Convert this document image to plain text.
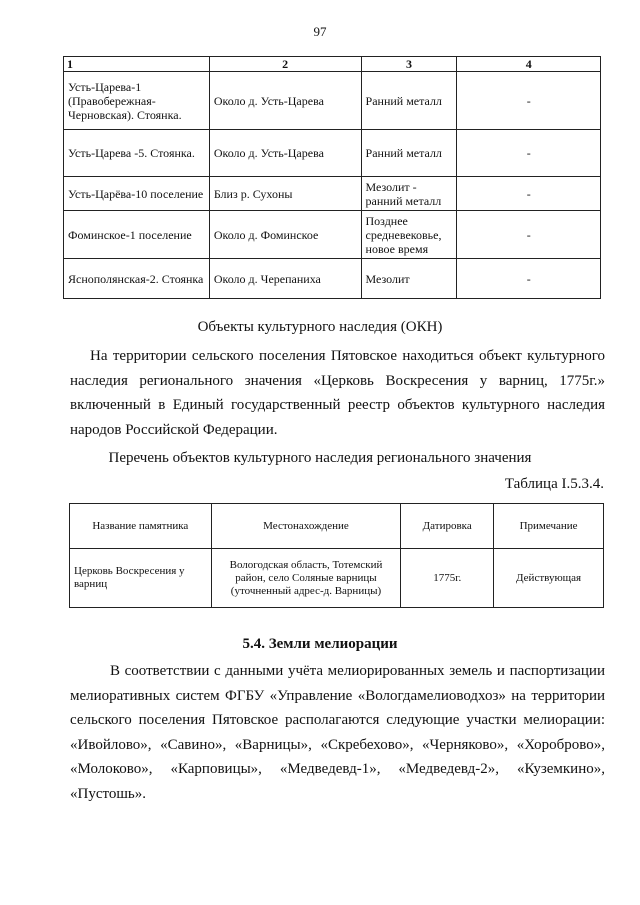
97
1	2	3	4
Усть-Царева-1 (Правобережная-Черновская). Стоянка.	Около д. Усть-Царева	Ранний металл	-
Усть-Царева -5. Стоянка.	Около д. Усть-Царева	Ранний металл	-
Усть-Царёва-10 поселение	Близ р. Сухоны	Мезолит - ранний металл	-
Фоминское-1 поселение	Около д. Фоминское	Позднее средневековье, новое время	-
Яснополянская-2. Стоянка	Около д. Черепаниха	Мезолит	-
Объекты культурного наследия (ОКН)
На территории сельского поселения Пятовское находиться объект культурного наследия регионального значения «Церковь Воскресения у варниц, 1775г.» включенный в Единый государственный реестр объектов культурного наследия народов Российской Федерации.
Перечень объектов культурного наследия регионального значения
Таблица I.5.3.4.
Название памятника	Местонахождение	Датировка	Примечание
Церковь Воскресения у варниц	Вологодская область, Тотемский район, село Соляные варницы (уточненный адрес-д. Варницы)	1775г.	Действующая
5.4. Земли мелиорации
В соответствии с данными учёта мелиорированных земель и паспортизации мелиоративных систем ФГБУ «Управление «Вологдамелиоводхоз» на территории сельского поселения Пятовское располагаются следующие участки мелиорации: «Ивойлово», «Савино», «Варницы», «Скребехово», «Черняково», «Хороброво», «Молоково», «Карповицы», «Медведевд-1», «Медведевд-2», «Куземкино», «Пустошь».
